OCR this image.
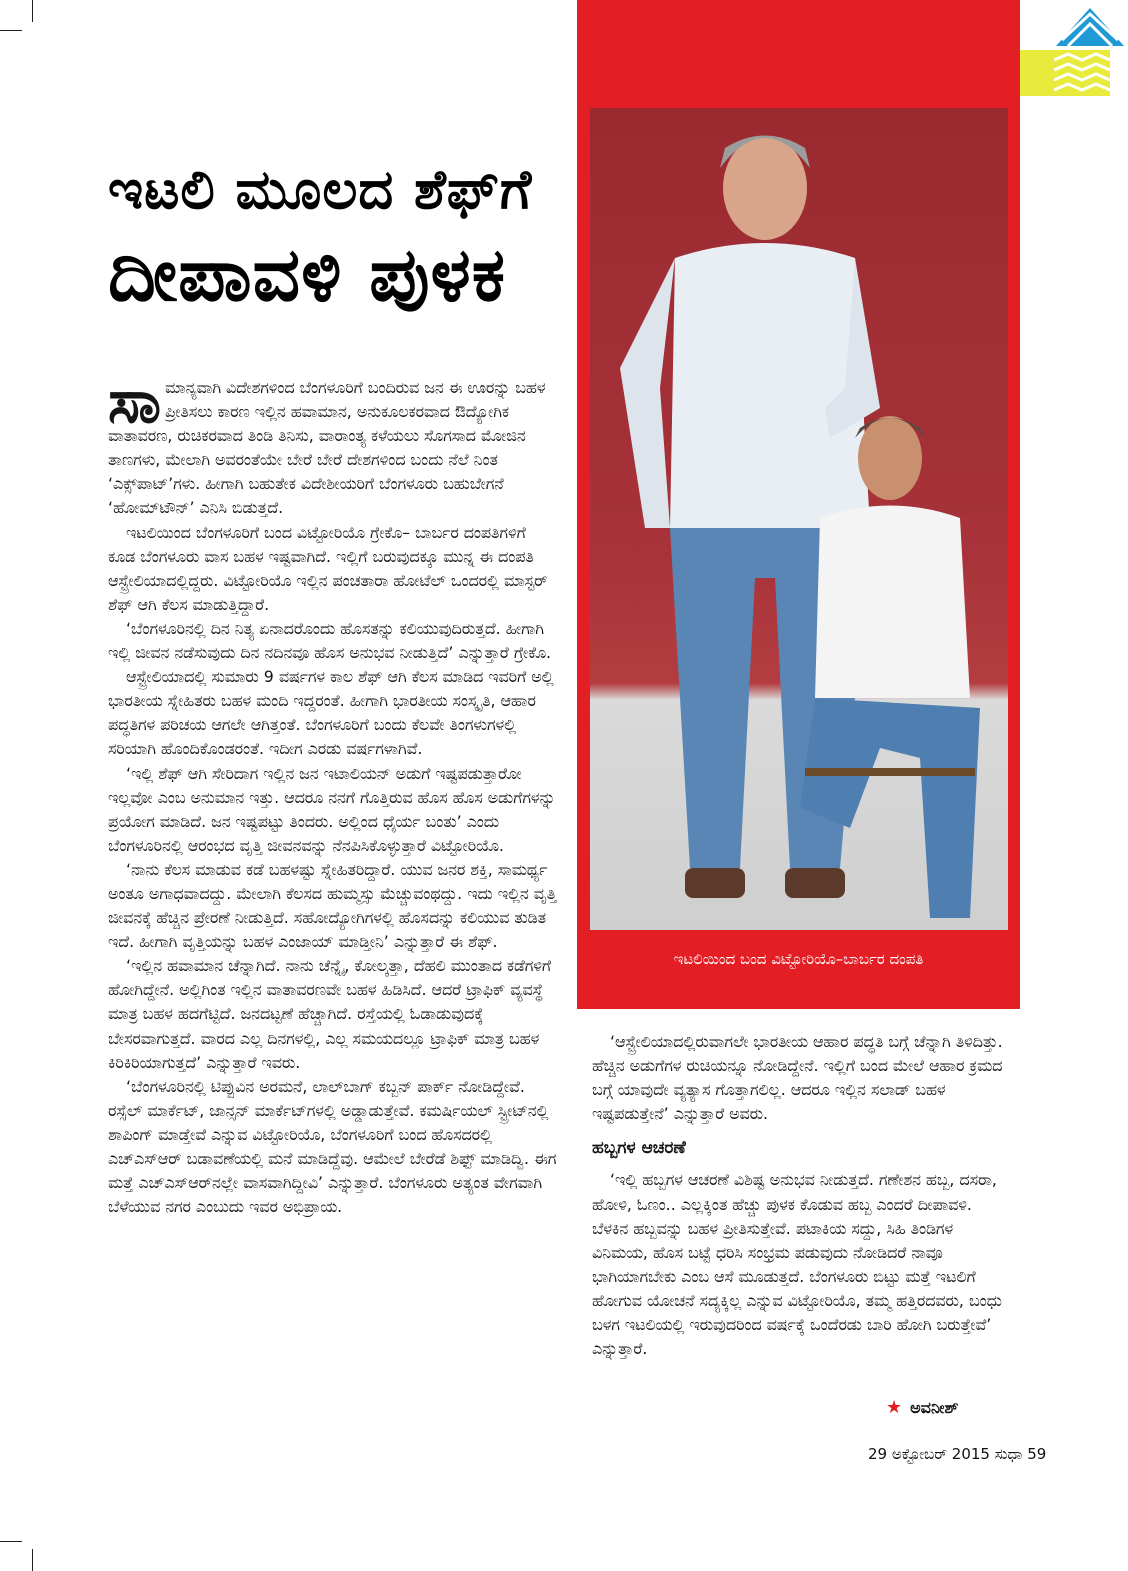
ಇಟಲಿ ಮೂಲದ ಶೆಫ್‌ಗೆ
ದೀಪಾವಳಿ ಪುಳಕ

ಸಾಮಾನ್ಯವಾಗಿ ವಿದೇಶಗಳಿಂದ ಬೆಂಗಳೂರಿಗೆ ಬಂದಿರುವ ಜನ ಈ ಊರನ್ನು ಬಹಳ ಪ್ರೀತಿಸಲು ಕಾರಣ ಇಲ್ಲಿನ ಹವಾಮಾನ, ಅನುಕೂಲಕರವಾದ ಔದ್ಯೋಗಿಕ ವಾತಾವರಣ, ರುಚಿಕರವಾದ ತಿಂಡಿ ತಿನಿಸು, ವಾರಾಂತ್ಯ ಕಳೆಯಲು ಸೊಗಸಾದ ಮೋಜಿನ ತಾಣಗಳು, ಮೇಲಾಗಿ ಅವರಂತೆಯೇ ಬೇರೆ ಬೇರೆ ದೇಶಗಳಿಂದ ಬಂದು ನೆಲೆ ನಿಂತ ‘ಎಕ್ಸ್‌ಪಾಟ್’ಗಳು. ಹೀಗಾಗಿ ಬಹುತೇಕ ವಿದೇಶೀಯರಿಗೆ ಬೆಂಗಳೂರು ಬಹುಬೇಗನೆ ‘ಹೋಮ್‌ಟೌನ್’ ಎನಿಸಿ ಬಿಡುತ್ತದೆ.

ಇಟಲಿಯಿಂದ ಬೆಂಗಳೂರಿಗೆ ಬಂದ ವಿಟ್ಟೋರಿಯೊ ಗ್ರೇಕೊ– ಬಾರ್ಬರ ದಂಪತಿಗಳಿಗೆ ಕೂಡ ಬೆಂಗಳೂರು ವಾಸ ಬಹಳ ಇಷ್ಟವಾಗಿದೆ. ಇಲ್ಲಿಗೆ ಬರುವುದಕ್ಕೂ ಮುನ್ನ ಈ ದಂಪತಿ ಆಸ್ಟ್ರೇಲಿಯಾದಲ್ಲಿದ್ದರು. ವಿಟ್ಟೋರಿಯೊ ಇಲ್ಲಿನ ಪಂಚತಾರಾ ಹೋಟೆಲ್ ಒಂದರಲ್ಲಿ ಮಾಸ್ಟರ್ ಶೆಫ್ ಆಗಿ ಕೆಲಸ ಮಾಡುತ್ತಿದ್ದಾರೆ.

‘ಬೆಂಗಳೂರಿನಲ್ಲಿ ದಿನ ನಿತ್ಯ ಏನಾದರೊಂದು ಹೊಸತನ್ನು ಕಲಿಯುವುದಿರುತ್ತದೆ. ಹೀಗಾಗಿ ಇಲ್ಲಿ ಜೀವನ ನಡೆಸುವುದು ದಿನ ನದಿನವೂ ಹೊಸ ಅನುಭವ ನೀಡುತ್ತಿದೆ’ ಎನ್ನುತ್ತಾರೆ ಗ್ರೇಕೊ.

ಆಸ್ಟ್ರೇಲಿಯಾದಲ್ಲಿ ಸುಮಾರು 9 ವರ್ಷಗಳ ಕಾಲ ಶೆಫ್ ಆಗಿ ಕೆಲಸ ಮಾಡಿದ ಇವರಿಗೆ ಅಲ್ಲಿ ಭಾರತೀಯ ಸ್ನೇಹಿತರು ಬಹಳ ಮಂದಿ ಇದ್ದರಂತೆ. ಹೀಗಾಗಿ ಭಾರತೀಯ ಸಂಸ್ಕೃತಿ, ಆಹಾರ ಪದ್ಧತಿಗಳ ಪರಿಚಯ ಆಗಲೇ ಆಗಿತ್ತಂತೆ. ಬೆಂಗಳೂರಿಗೆ ಬಂದು ಕೆಲವೇ ತಿಂಗಳುಗಳಲ್ಲಿ ಸರಿಯಾಗಿ ಹೊಂದಿಕೊಂಡರಂತೆ. ಇದೀಗ ಎರಡು ವರ್ಷಗಳಾಗಿವೆ.

‘ಇಲ್ಲಿ ಶೆಫ್ ಆಗಿ ಸೇರಿದಾಗ ಇಲ್ಲಿನ ಜನ ಇಟಾಲಿಯನ್ ಅಡುಗೆ ಇಷ್ಟಪಡುತ್ತಾರೋ ಇಲ್ಲವೋ ಎಂಬ ಅನುಮಾನ ಇತ್ತು. ಆದರೂ ನನಗೆ ಗೊತ್ತಿರುವ ಹೊಸ ಹೊಸ ಅಡುಗೆಗಳನ್ನು ಪ್ರಯೋಗ ಮಾಡಿದೆ. ಜನ ಇಷ್ಟಪಟ್ಟು ತಿಂದರು. ಅಲ್ಲಿಂದ ಧೈರ್ಯ ಬಂತು’ ಎಂದು ಬೆಂಗಳೂರಿನಲ್ಲಿ ಆರಂಭದ ವೃತ್ತಿ ಜೀವನವನ್ನು ನೆನಪಿಸಿಕೊಳ್ಳುತ್ತಾರೆ ವಿಟ್ಟೋರಿಯೊ.

‘ನಾನು ಕೆಲಸ ಮಾಡುವ ಕಡೆ ಬಹಳಷ್ಟು ಸ್ನೇಹಿತರಿದ್ದಾರೆ. ಯುವ ಜನರ ಶಕ್ತಿ, ಸಾಮರ್ಥ್ಯ ಅಂತೂ ಅಗಾಧವಾದದ್ದು. ಮೇಲಾಗಿ ಕೆಲಸದ ಹುಮ್ಮಸ್ಸು ಮೆಚ್ಚುವಂಥದ್ದು. ಇದು ಇಲ್ಲಿನ ವೃತ್ತಿ ಜೀವನಕ್ಕೆ ಹೆಚ್ಚಿನ ಪ್ರೇರಣೆ ನೀಡುತ್ತಿದೆ. ಸಹೋದ್ಯೋಗಿಗಳಲ್ಲಿ ಹೊಸದನ್ನು ಕಲಿಯುವ ತುಡಿತ ಇದೆ. ಹೀಗಾಗಿ ವೃತ್ತಿಯನ್ನು ಬಹಳ ಎಂಜಾಯ್ ಮಾಡ್ತೀನಿ’ ಎನ್ನುತ್ತಾರೆ ಈ ಶೆಫ್.

‘ಇಲ್ಲಿನ ಹವಾಮಾನ ಚೆನ್ನಾಗಿದೆ. ನಾನು ಚೆನ್ನೈ, ಕೋಲ್ಕತ್ತಾ, ದೆಹಲಿ ಮುಂತಾದ ಕಡೆಗಳಿಗೆ ಹೋಗಿದ್ದೇನೆ. ಅಲ್ಲಿಗಿಂತ ಇಲ್ಲಿನ ವಾತಾವರಣವೇ ಬಹಳ ಹಿಡಿಸಿದೆ. ಆದರೆ ಟ್ರಾಫಿಕ್ ವ್ಯವಸ್ಥೆ ಮಾತ್ರ ಬಹಳ ಹದಗೆಟ್ಟಿದೆ. ಜನದಟ್ಟಣೆ ಹೆಚ್ಚಾಗಿದೆ. ರಸ್ತೆಯಲ್ಲಿ ಓಡಾಡುವುದಕ್ಕೆ ಬೇಸರವಾಗುತ್ತದೆ. ವಾರದ ಎಲ್ಲ ದಿನಗಳಲ್ಲಿ, ಎಲ್ಲ ಸಮಯದಲ್ಲೂ ಟ್ರಾಫಿಕ್ ಮಾತ್ರ ಬಹಳ ಕಿರಿಕಿರಿಯಾಗುತ್ತದೆ’ ಎನ್ನುತ್ತಾರೆ ಇವರು.

‘ಬೆಂಗಳೂರಿನಲ್ಲಿ ಟಿಪ್ಪುವಿನ ಅರಮನೆ, ಲಾಲ್‌ಬಾಗ್ ಕಬ್ಬನ್ ಪಾರ್ಕ್ ನೋಡಿದ್ದೇವೆ. ರಸ್ಸೆಲ್ ಮಾರ್ಕೆಟ್, ಜಾನ್ಸನ್ ಮಾರ್ಕೆಟ್‌ಗಳಲ್ಲಿ ಅಡ್ಡಾಡುತ್ತೇವೆ. ಕಮರ್ಷಿಯಲ್ ಸ್ಟ್ರೀಟ್‌ನಲ್ಲಿ ಶಾಪಿಂಗ್ ಮಾಡ್ತೇವೆ ಎನ್ನುವ ವಿಟ್ಟೋರಿಯೊ, ಬೆಂಗಳೂರಿಗೆ ಬಂದ ಹೊಸದರಲ್ಲಿ ಎಚ್‌ಎಸ್‌ಆರ್ ಬಡಾವಣೆಯಲ್ಲಿ ಮನೆ ಮಾಡಿದ್ದೆವು. ಆಮೇಲೆ ಬೇರೆಡೆ ಶಿಫ್ಟ್ ಮಾಡಿದ್ವಿ. ಈಗ ಮತ್ತೆ ಎಚ್‌ಎಸ್‌ಆರ್‌ನಲ್ಲೇ ವಾಸವಾಗಿದ್ದೀವಿ’ ಎನ್ನುತ್ತಾರೆ. ಬೆಂಗಳೂರು ಅತ್ಯಂತ ವೇಗವಾಗಿ ಬೆಳೆಯುವ ನಗರ ಎಂಬುದು ಇವರ ಅಭಿಪ್ರಾಯ.

ಇಟಲಿಯಿಂದ ಬಂದ ವಿಟ್ಟೋರಿಯೊ–ಬಾರ್ಬರ ದಂಪತಿ

‘ಆಸ್ಟ್ರೇಲಿಯಾದಲ್ಲಿರುವಾಗಲೇ ಭಾರತೀಯ ಆಹಾರ ಪದ್ಧತಿ ಬಗ್ಗೆ ಚೆನ್ನಾಗಿ ತಿಳಿದಿತ್ತು. ಹೆಚ್ಚಿನ ಅಡುಗೆಗಳ ರುಚಿಯನ್ನೂ ನೋಡಿದ್ದೇನೆ. ಇಲ್ಲಿಗೆ ಬಂದ ಮೇಲೆ ಆಹಾರ ಕ್ರಮದ ಬಗ್ಗೆ ಯಾವುದೇ ವ್ಯತ್ಯಾಸ ಗೊತ್ತಾಗಲಿಲ್ಲ. ಆದರೂ ಇಲ್ಲಿನ ಸಲಾಡ್ ಬಹಳ ಇಷ್ಟಪಡುತ್ತೇನೆ’ ಎನ್ನುತ್ತಾರೆ ಅವರು.

ಹಬ್ಬಗಳ ಆಚರಣೆ

‘ಇಲ್ಲಿ ಹಬ್ಬಗಳ ಆಚರಣೆ ವಿಶಿಷ್ಟ ಅನುಭವ ನೀಡುತ್ತದೆ. ಗಣೇಶನ ಹಬ್ಬ, ದಸರಾ, ಹೋಳಿ, ಓಣಂ.. ಎಲ್ಲಕ್ಕಿಂತ ಹೆಚ್ಚು ಪುಳಕ ಕೊಡುವ ಹಬ್ಬ ಎಂದರೆ ದೀಪಾವಳಿ. ಬೆಳಕಿನ ಹಬ್ಬವನ್ನು ಬಹಳ ಪ್ರೀತಿಸುತ್ತೇವೆ. ಪಟಾಕಿಯ ಸದ್ದು, ಸಿಹಿ ತಿಂಡಿಗಳ ವಿನಿಮಯ, ಹೊಸ ಬಟ್ಟೆ ಧರಿಸಿ ಸಂಭ್ರಮ ಪಡುವುದು ನೋಡಿದರೆ ನಾವೂ ಭಾಗಿಯಾಗಬೇಕು ಎಂಬ ಆಸೆ ಮೂಡುತ್ತದೆ. ಬೆಂಗಳೂರು ಬಿಟ್ಟು ಮತ್ತೆ ಇಟಲಿಗೆ ಹೋಗುವ ಯೋಚನೆ ಸದ್ಯಕ್ಕಿಲ್ಲ ಎನ್ನುವ ವಿಟ್ಟೋರಿಯೊ, ತಮ್ಮ ಹತ್ತಿರದವರು, ಬಂಧು ಬಳಗ ಇಟಲಿಯಲ್ಲಿ ಇರುವುದರಿಂದ ವರ್ಷಕ್ಕೆ ಒಂದೆರಡು ಬಾರಿ ಹೋಗಿ ಬರುತ್ತೇವೆ’ ಎನ್ನುತ್ತಾರೆ.

★ ಅವನೀಶ್
29 ಅಕ್ಟೋಬರ್ 2015 ಸುಧಾ 59
